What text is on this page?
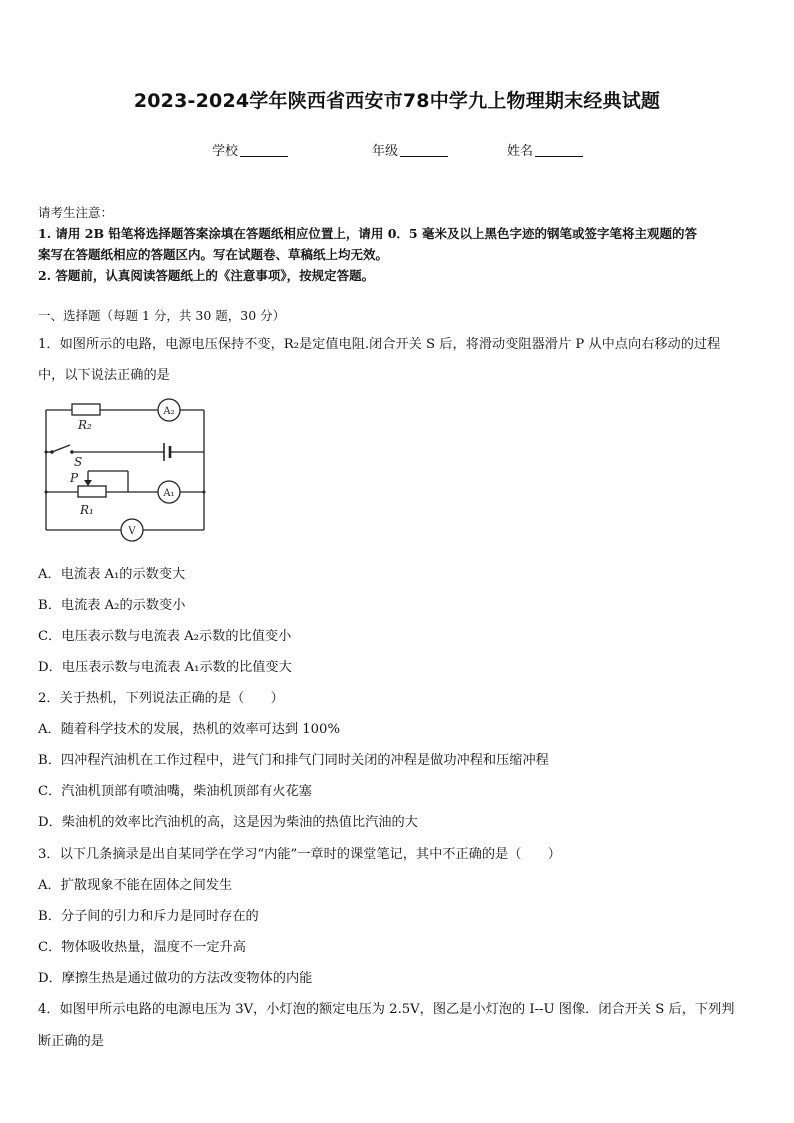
2023-2024学年陕西省西安市78中学九上物理期末经典试题
学校	年级	姓名
请考生注意：
1. 请用 2B 铅笔将选择题答案涂填在答题纸相应位置上，请用 0．5 毫米及以上黑色字迹的钢笔或签字笔将主观题的答
案写在答题纸相应的答题区内。写在试题卷、草稿纸上均无效。
2. 答题前，认真阅读答题纸上的《注意事项》，按规定答题。
一、选择题（每题 1 分，共 30 题，30 分）
1．如图所示的电路，电源电压保持不变，R₂是定值电阻.闭合开关 S 后，将滑动变阻器滑片 P 从中点向右移动的过程
中，以下说法正确的是
R₂
S
P
R₁
A₂
A₁
V
A．电流表 A₁的示数变大
B．电流表 A₂的示数变小
C．电压表示数与电流表 A₂示数的比值变小
D．电压表示数与电流表 A₁示数的比值变大
2．关于热机，下列说法正确的是（　　）
A．随着科学技术的发展，热机的效率可达到 100%
B．四冲程汽油机在工作过程中，进气门和排气门同时关闭的冲程是做功冲程和压缩冲程
C．汽油机顶部有喷油嘴，柴油机顶部有火花塞
D．柴油机的效率比汽油机的高，这是因为柴油的热值比汽油的大
3．以下几条摘录是出自某同学在学习“内能”一章时的课堂笔记，其中不正确的是（　　）
A．扩散现象不能在固体之间发生
B．分子间的引力和斥力是同时存在的
C．物体吸收热量，温度不一定升高
D．摩擦生热是通过做功的方法改变物体的内能
4．如图甲所示电路的电源电压为 3V，小灯泡的额定电压为 2.5V，图乙是小灯泡的 I--U 图像．闭合开关 S 后，下列判
断正确的是
